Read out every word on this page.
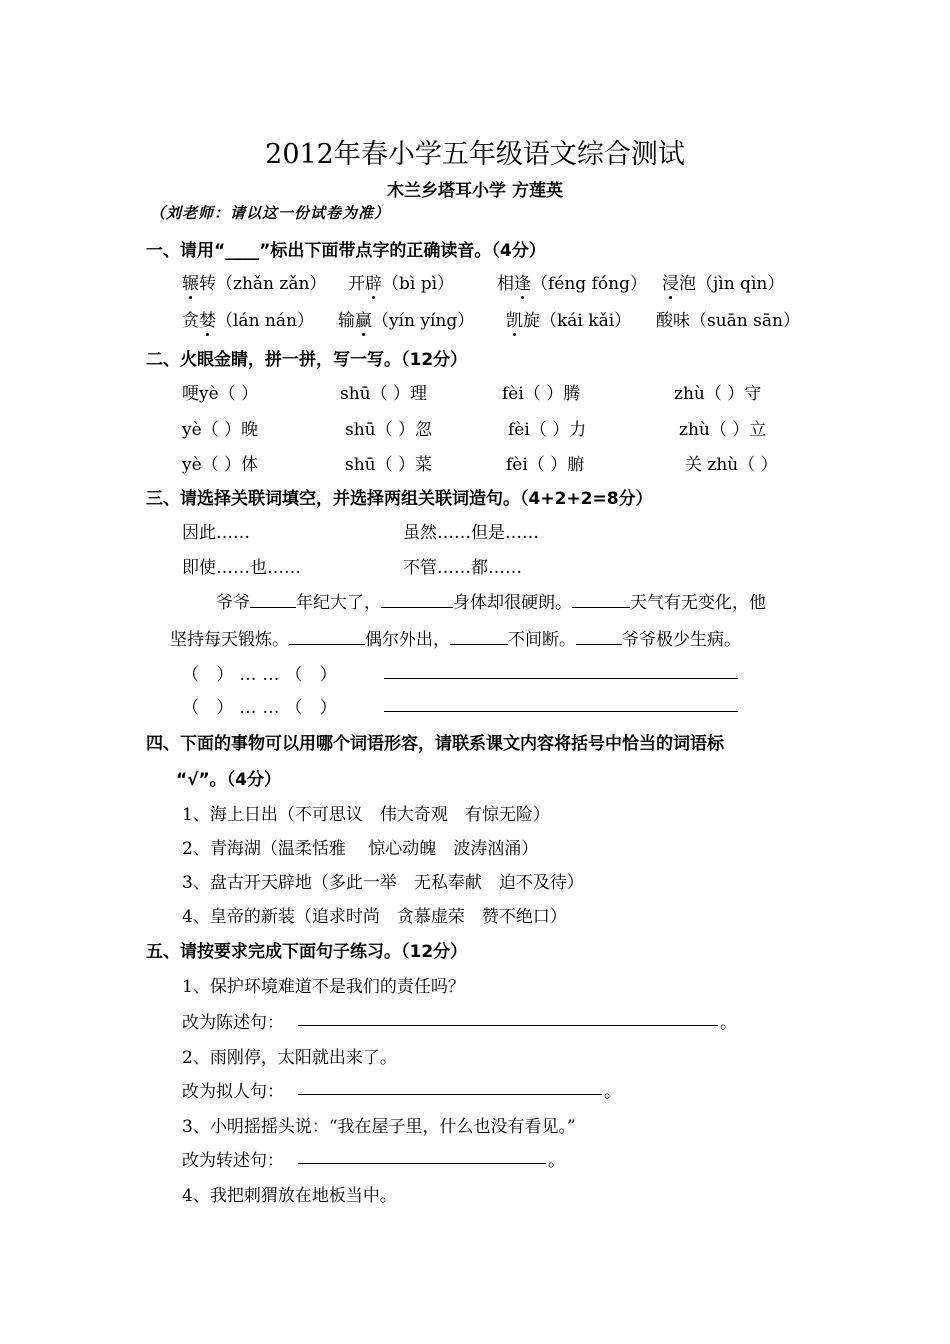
2012年春小学五年级语文综合测试
木兰乡塔耳小学 方莲英
（刘老师：请以这一份试卷为准）
一、请用“____”标出下面带点字的正确读音。（4分）
辗转（zhǎn zǎn） 开辟（bì pì）	相逢（féng fóng） 浸泡（jìn qìn）
贪婪（lán nán） 输赢（yín yíng） 凯旋（kái kǎi） 酸味（suān sān）
二、火眼金睛，拼一拼，写一写。（12分）
哽yè（ ）	shū（ ）理	fèi（ ）腾	zhù（ ）守
yè（ ）晚	shū（ ）忽	fèi（ ）力	zhù（ ）立
yè（ ）体	shū（ ）菜	fèi（ ）腑	关 zhù（ ）
三、请选择关联词填空，并选择两组关联词造句。（4+2+2=8分）
因此……	虽然……但是……
即使……也……	不管……都……
爷爷	年纪大了，	身体却很硬朗。	天气有无变化，他
坚持每天锻炼。	偶尔外出，	不间断。	爷爷极少生病。
（ ）……（ ）
（ ）……（ ）
四、下面的事物可以用哪个词语形容，请联系课文内容将括号中恰当的词语标
“√”。（4分）
1、海上日出（不可思议　伟大奇观　有惊无险）
2、青海湖（温柔恬雅　 惊心动魄　波涛汹涌）
3、盘古开天辟地（多此一举　无私奉献　迫不及待）
4、皇帝的新装（追求时尚　贪慕虚荣　赞不绝口）
五、请按要求完成下面句子练习。（12分）
1、保护环境难道不是我们的责任吗？
改为陈述句：	。
2、雨刚停，太阳就出来了。
改为拟人句：	。
3、小明摇摇头说：“我在屋子里，什么也没有看见。”
改为转述句：	。
4、我把刺猬放在地板当中。
